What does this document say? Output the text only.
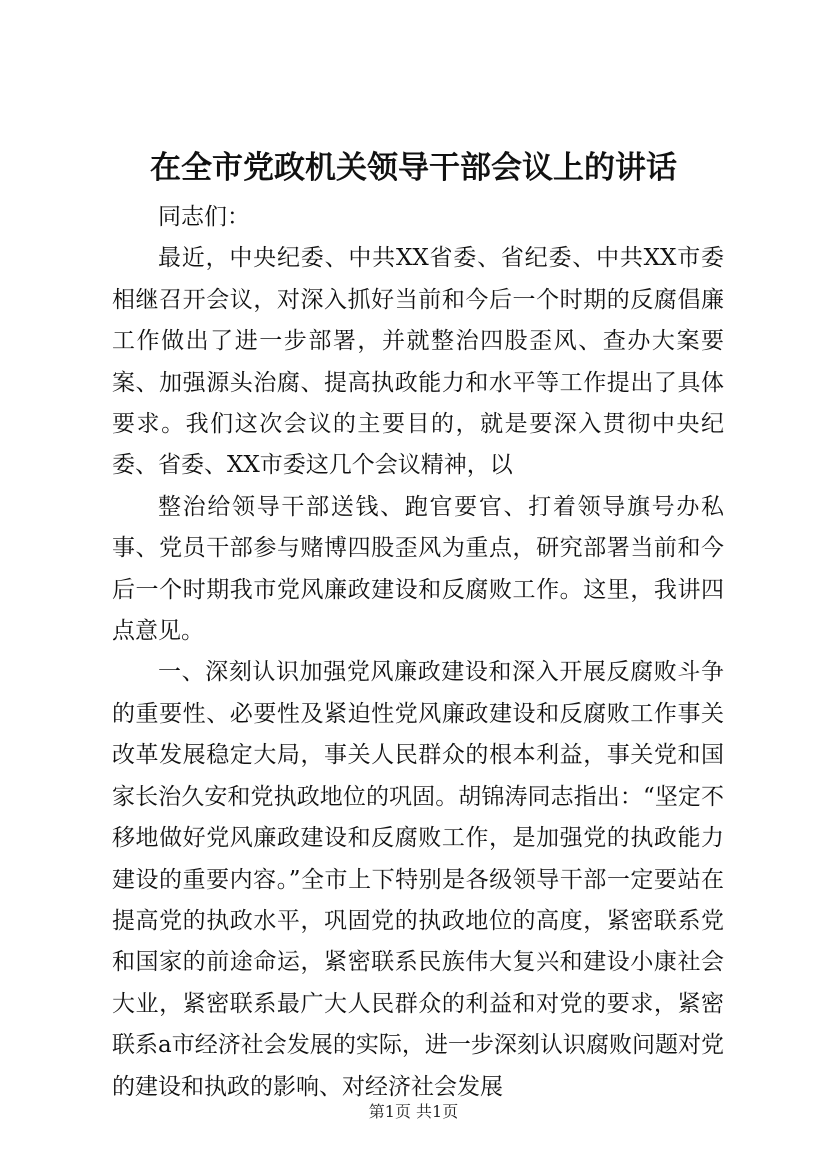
在全市党政机关领导干部会议上的讲话

同志们：

最近，中央纪委、中共XX省委、省纪委、中共XX市委相继召开会议，对深入抓好当前和今后一个时期的反腐倡廉工作做出了进一步部署，并就整治四股歪风、查办大案要案、加强源头治腐、提高执政能力和水平等工作提出了具体要求。我们这次会议的主要目的，就是要深入贯彻中央纪委、省委、XX市委这几个会议精神，以

整治给领导干部送钱、跑官要官、打着领导旗号办私事、党员干部参与赌博四股歪风为重点，研究部署当前和今后一个时期我市党风廉政建设和反腐败工作。这里，我讲四点意见。

一、深刻认识加强党风廉政建设和深入开展反腐败斗争的重要性、必要性及紧迫性党风廉政建设和反腐败工作事关改革发展稳定大局，事关人民群众的根本利益，事关党和国家长治久安和党执政地位的巩固。胡锦涛同志指出：“坚定不移地做好党风廉政建设和反腐败工作，是加强党的执政能力建设的重要内容。”全市上下特别是各级领导干部一定要站在提高党的执政水平，巩固党的执政地位的高度，紧密联系党和国家的前途命运，紧密联系民族伟大复兴和建设小康社会大业，紧密联系最广大人民群众的利益和对党的要求，紧密联系a市经济社会发展的实际，进一步深刻认识腐败问题对党的建设和执政的影响、对经济社会发展

第1页 共1页
